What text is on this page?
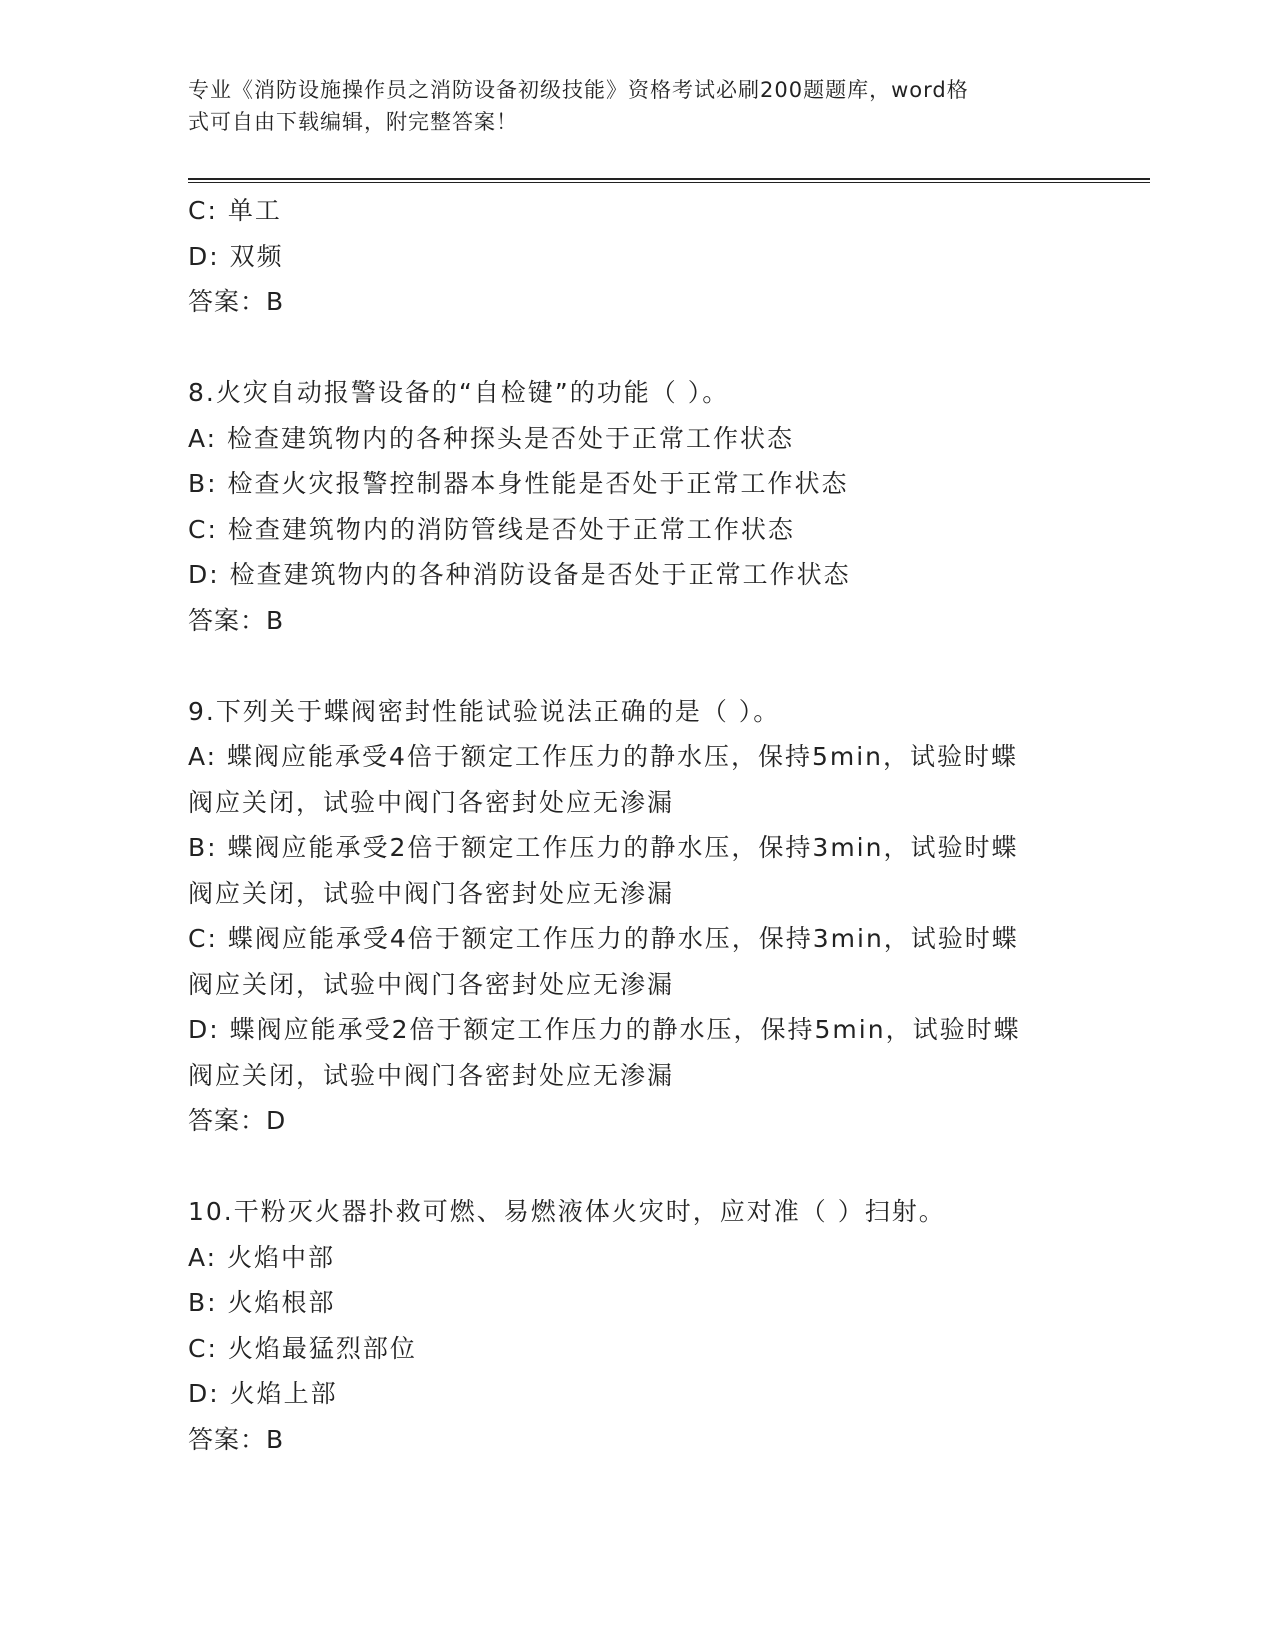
专业《消防设施操作员之消防设备初级技能》资格考试必刷200题题库，word格
式可自由下载编辑，附完整答案！
C: 单工
D: 双频
答案：B
8.火灾自动报警设备的“自检键”的功能（ ）。
A: 检查建筑物内的各种探头是否处于正常工作状态
B: 检查火灾报警控制器本身性能是否处于正常工作状态
C: 检查建筑物内的消防管线是否处于正常工作状态
D: 检查建筑物内的各种消防设备是否处于正常工作状态
答案：B
9.下列关于蝶阀密封性能试验说法正确的是（ ）。
A: 蝶阀应能承受4倍于额定工作压力的静水压，保持5min，试验时蝶
阀应关闭，试验中阀门各密封处应无渗漏
B: 蝶阀应能承受2倍于额定工作压力的静水压，保持3min，试验时蝶
阀应关闭，试验中阀门各密封处应无渗漏
C: 蝶阀应能承受4倍于额定工作压力的静水压，保持3min，试验时蝶
阀应关闭，试验中阀门各密封处应无渗漏
D: 蝶阀应能承受2倍于额定工作压力的静水压，保持5min，试验时蝶
阀应关闭，试验中阀门各密封处应无渗漏
答案：D
10.干粉灭火器扑救可燃、易燃液体火灾时，应对准（ ）扫射。
A: 火焰中部
B: 火焰根部
C: 火焰最猛烈部位
D: 火焰上部
答案：B
